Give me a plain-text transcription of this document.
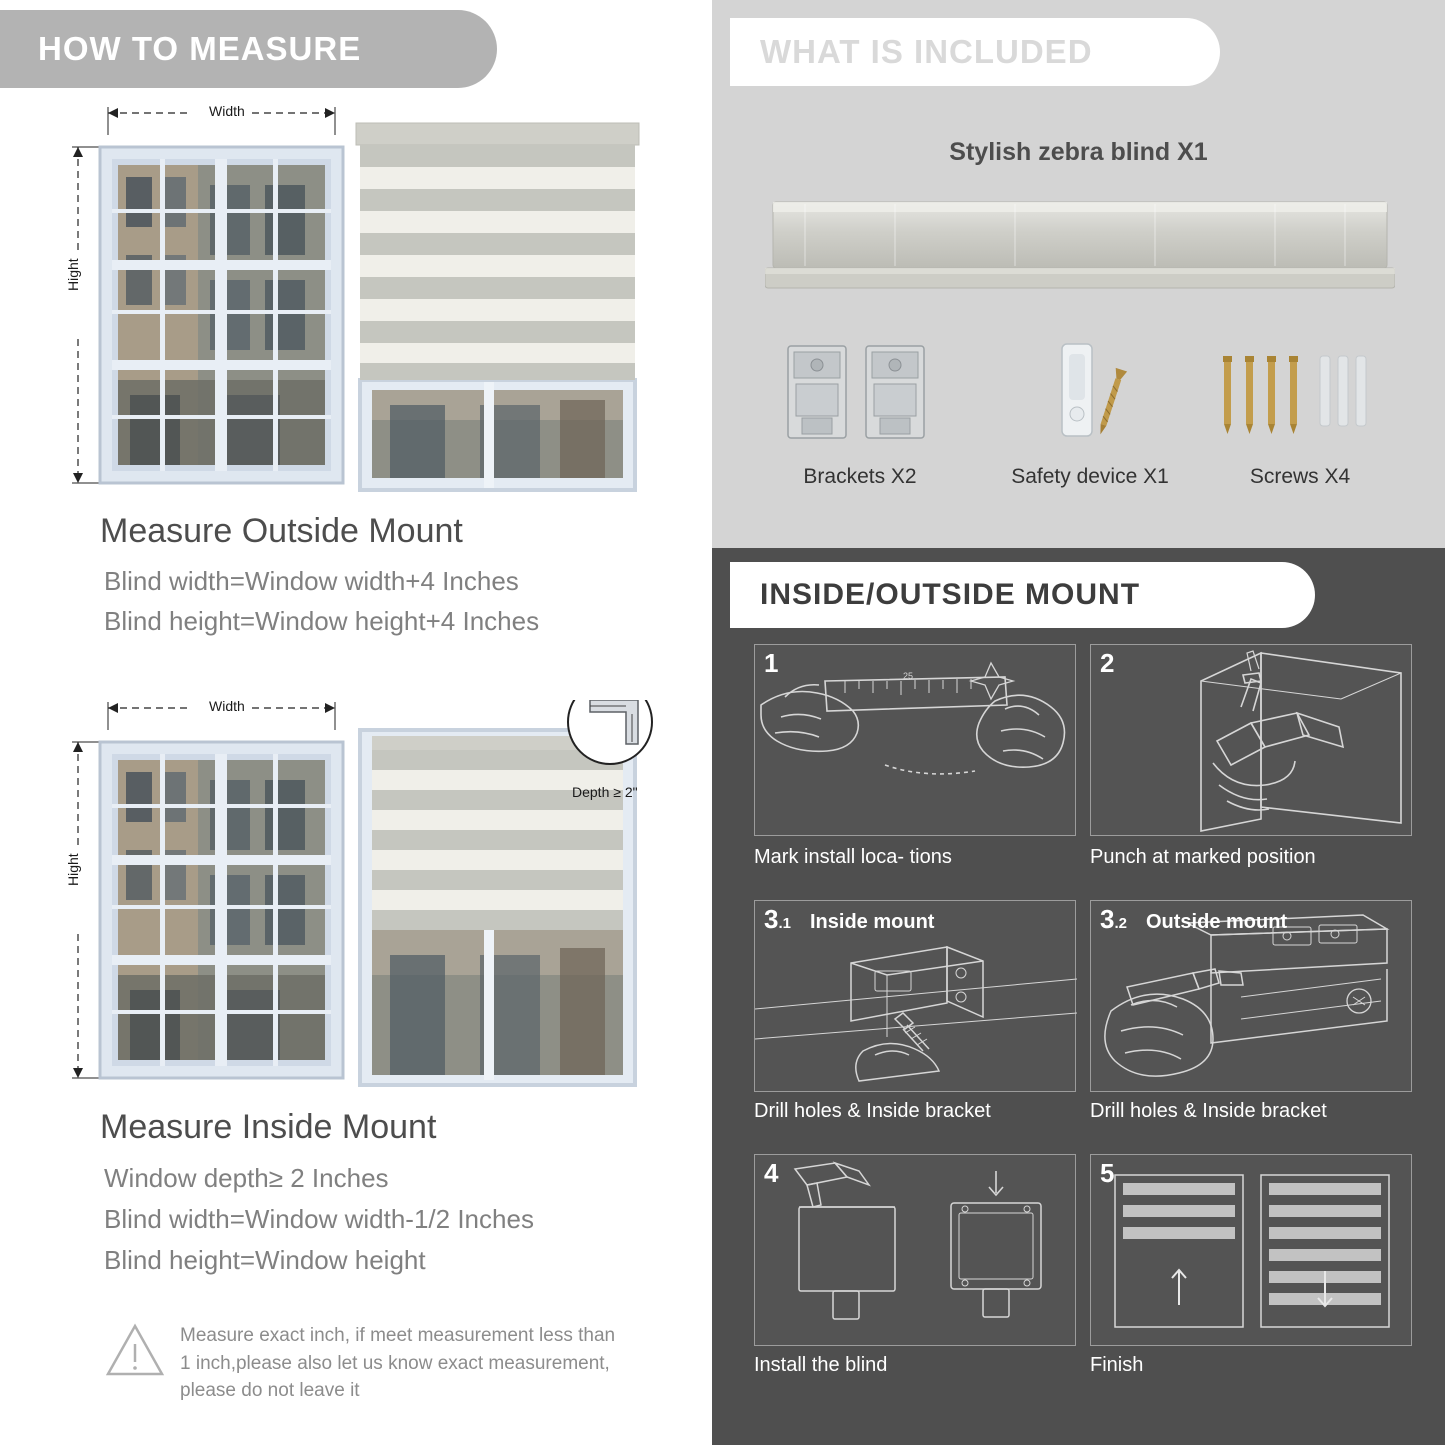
HOW TO MEASURE
Width
Hight
Measure Outside Mount
Blind width=Window width+4 Inches
Blind height=Window height+4 Inches
Width
Hight
Depth ≥ 2"
Measure Inside Mount
Window depth≥ 2 Inches
Blind width=Window width-1/2 Inches
Blind height=Window height
Measure exact inch, if meet measurement less than 1 inch,please also let us know exact measurement, please do not leave it
WHAT IS INCLUDED
Stylish zebra blind X1
Brackets X2	Safety device X1	Screws X4
INSIDE/OUTSIDE MOUNT
25
1
Mark install loca- tions
2
Punch at marked position
3.1 Inside mount
Drill holes & Inside bracket
3.2 Outside mount
Drill holes & Inside bracket
4
Install the blind
5
Finish
